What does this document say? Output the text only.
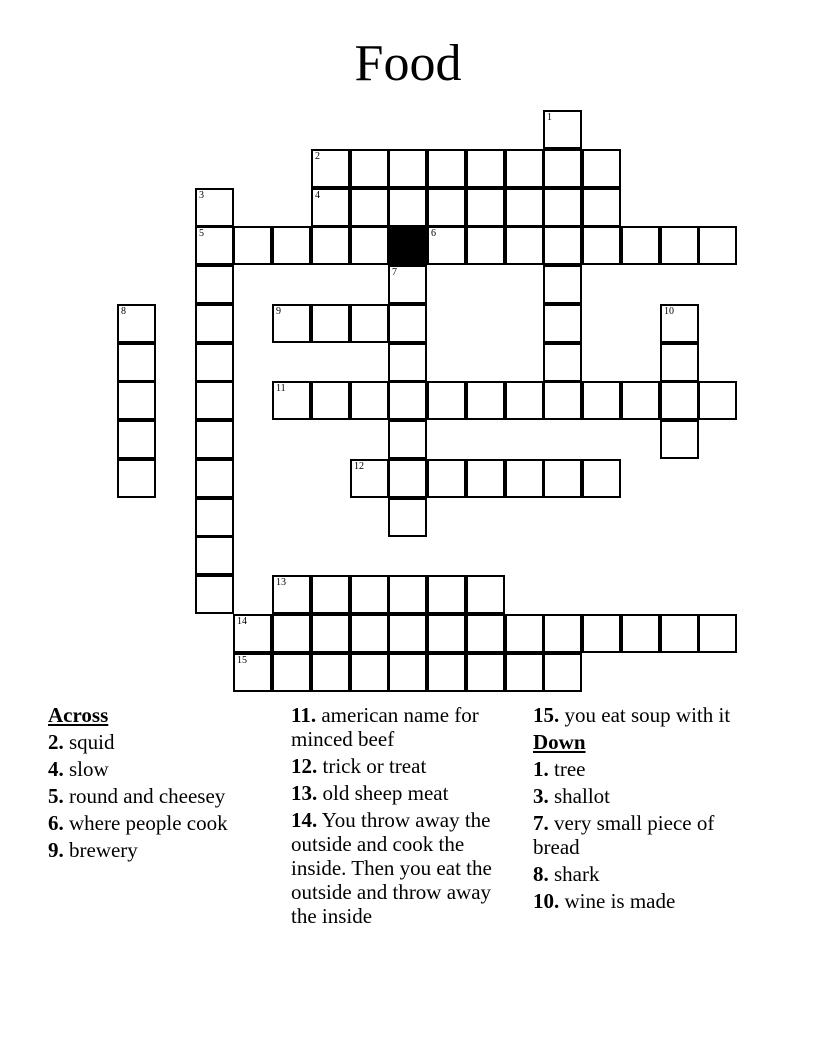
Food
2
4
5	6
9
11
12
13
14
15
1
3
7
8	10
Across
2. squid
4. slow
5. round and cheesey
6. where people cook
9. brewery
11. american name for minced beef
12. trick or treat
13. old sheep meat
14. You throw away the outside and cook the inside. Then you eat the outside and throw away the inside
15. you eat soup with it
Down
1. tree
3. shallot
7. very small piece of bread
8. shark
10. wine is made
